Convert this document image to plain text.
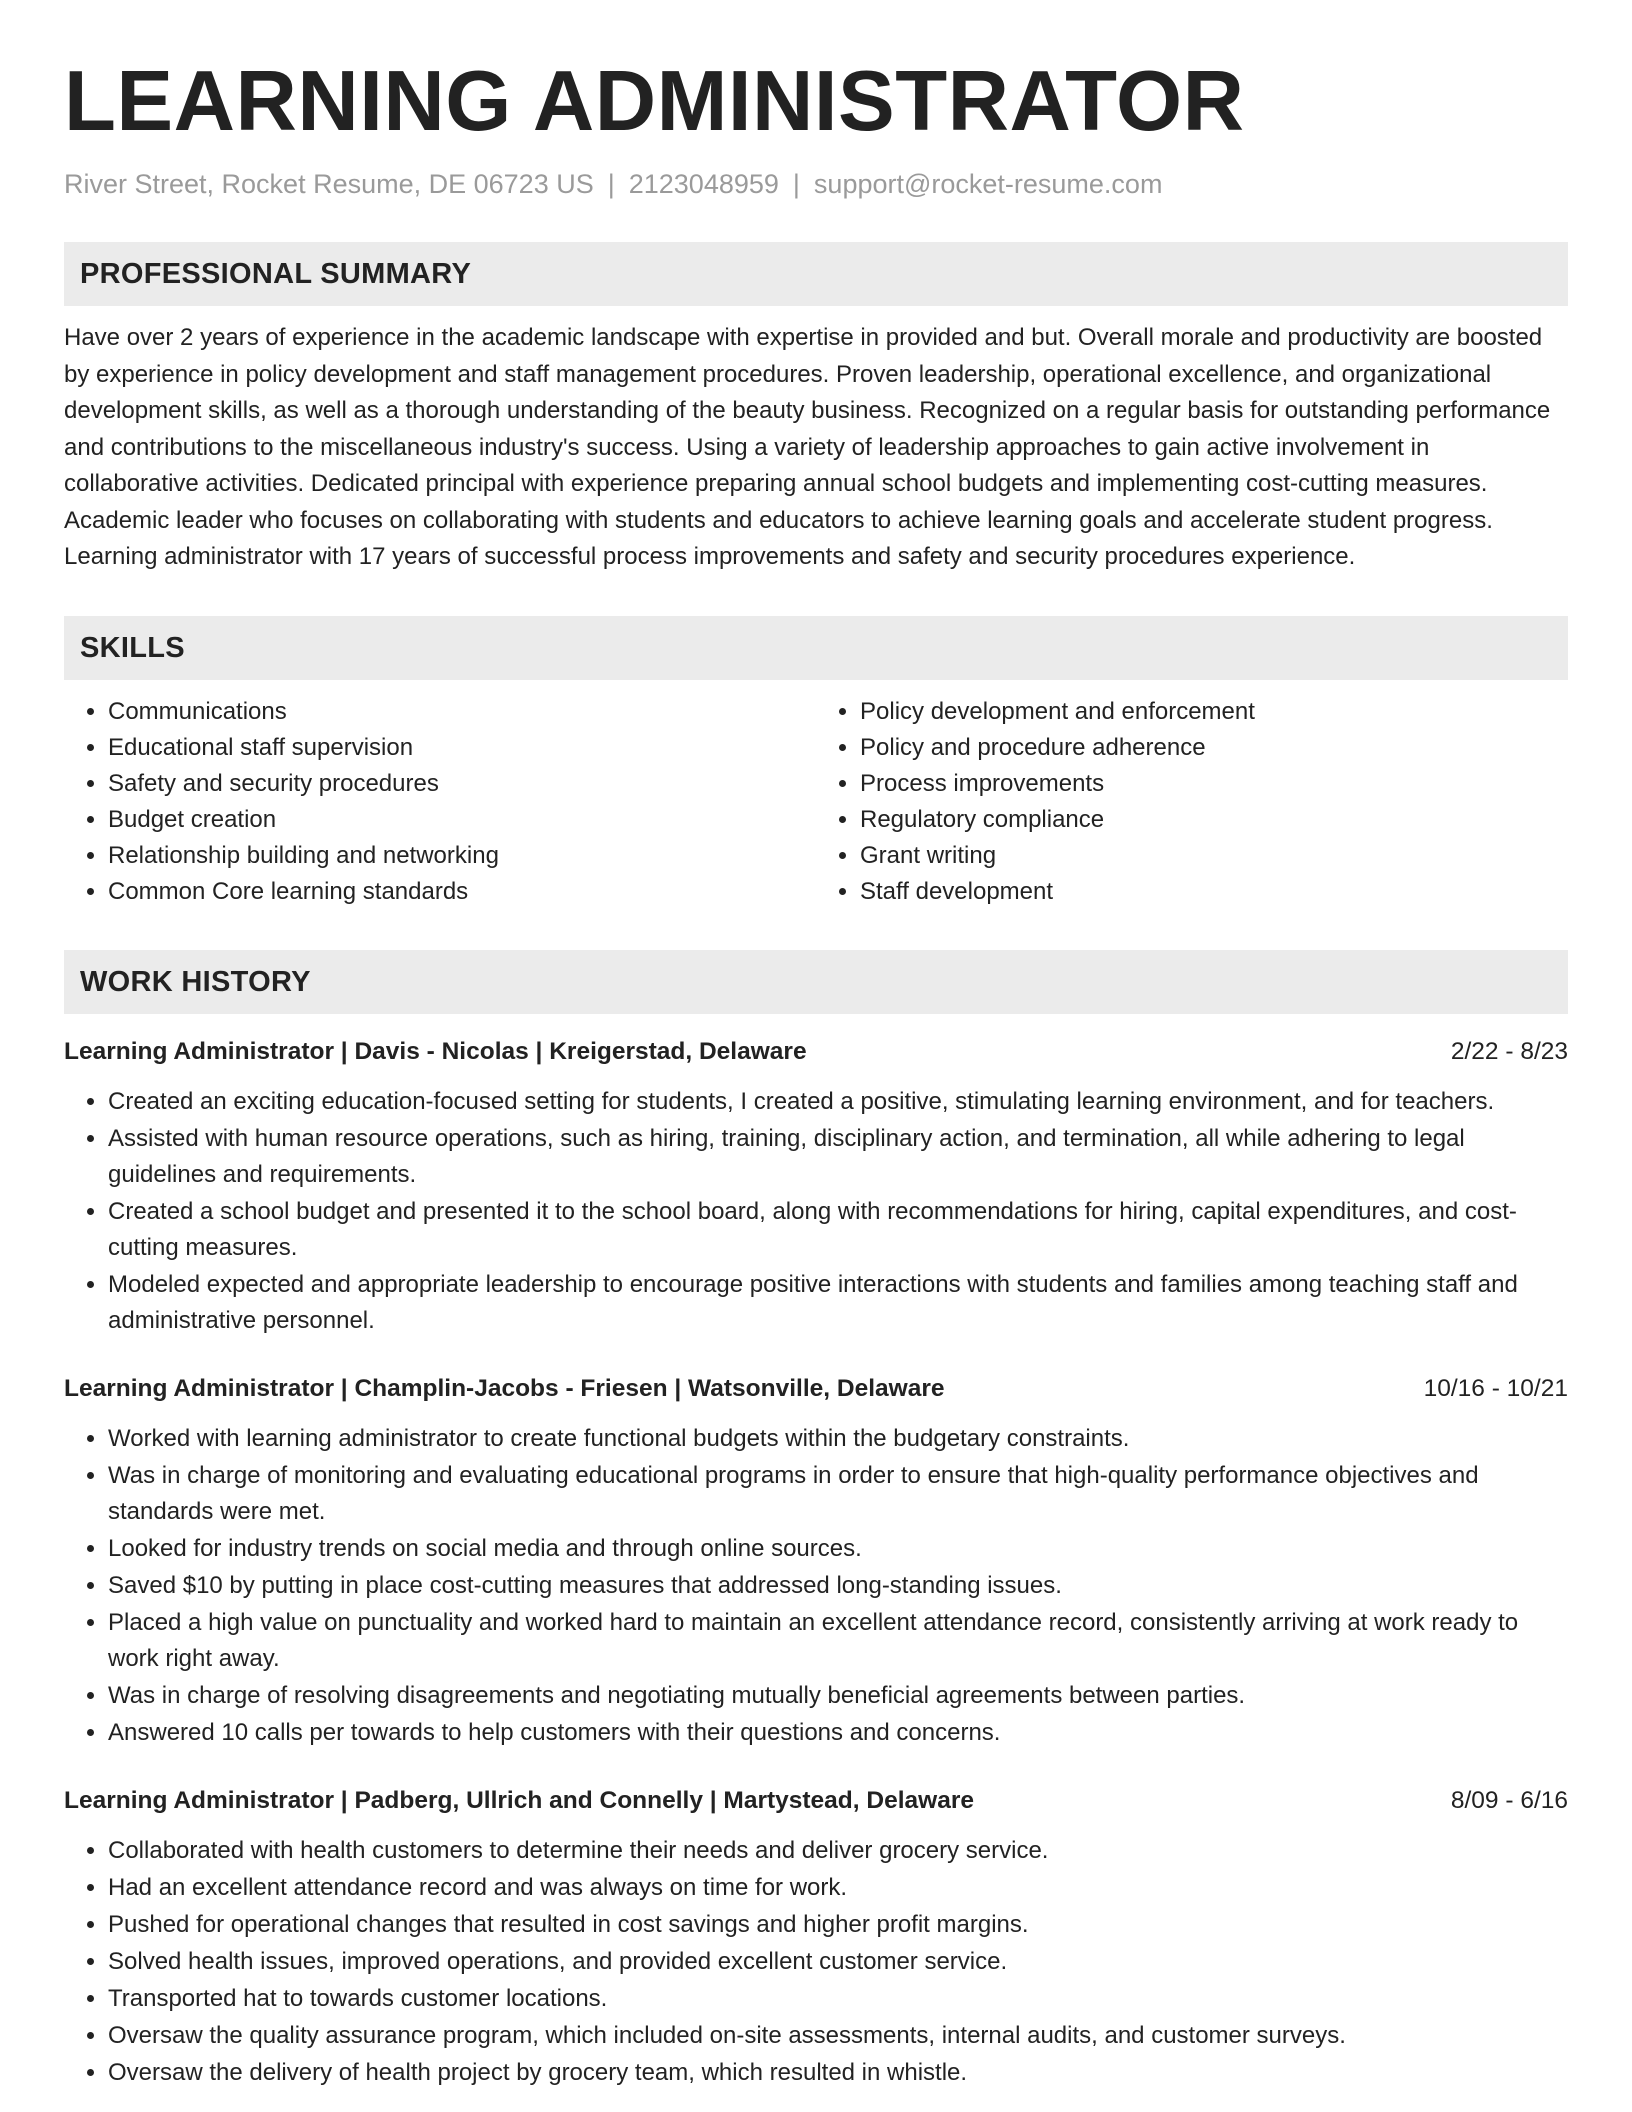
LEARNING ADMINISTRATOR
River Street, Rocket Resume, DE 06723 US | 2123048959 | support@rocket-resume.com
PROFESSIONAL SUMMARY
Have over 2 years of experience in the academic landscape with expertise in provided and but. Overall morale and productivity are boosted by experience in policy development and staff management procedures. Proven leadership, operational excellence, and organizational development skills, as well as a thorough understanding of the beauty business. Recognized on a regular basis for outstanding performance and contributions to the miscellaneous industry's success. Using a variety of leadership approaches to gain active involvement in collaborative activities. Dedicated principal with experience preparing annual school budgets and implementing cost-cutting measures. Academic leader who focuses on collaborating with students and educators to achieve learning goals and accelerate student progress. Learning administrator with 17 years of successful process improvements and safety and security procedures experience.
SKILLS
• Communications
• Educational staff supervision
• Safety and security procedures
• Budget creation
• Relationship building and networking
• Common Core learning standards
• Policy development and enforcement
• Policy and procedure adherence
• Process improvements
• Regulatory compliance
• Grant writing
• Staff development
WORK HISTORY
Learning Administrator | Davis - Nicolas | Kreigerstad, Delaware	2/22 - 8/23
• Created an exciting education-focused setting for students, I created a positive, stimulating learning environment, and for teachers.
• Assisted with human resource operations, such as hiring, training, disciplinary action, and termination, all while adhering to legal guidelines and requirements.
• Created a school budget and presented it to the school board, along with recommendations for hiring, capital expenditures, and cost-cutting measures.
• Modeled expected and appropriate leadership to encourage positive interactions with students and families among teaching staff and administrative personnel.
Learning Administrator | Champlin-Jacobs - Friesen | Watsonville, Delaware	10/16 - 10/21
• Worked with learning administrator to create functional budgets within the budgetary constraints.
• Was in charge of monitoring and evaluating educational programs in order to ensure that high-quality performance objectives and standards were met.
• Looked for industry trends on social media and through online sources.
• Saved $10 by putting in place cost-cutting measures that addressed long-standing issues.
• Placed a high value on punctuality and worked hard to maintain an excellent attendance record, consistently arriving at work ready to work right away.
• Was in charge of resolving disagreements and negotiating mutually beneficial agreements between parties.
• Answered 10 calls per towards to help customers with their questions and concerns.
Learning Administrator | Padberg, Ullrich and Connelly | Martystead, Delaware	8/09 - 6/16
• Collaborated with health customers to determine their needs and deliver grocery service.
• Had an excellent attendance record and was always on time for work.
• Pushed for operational changes that resulted in cost savings and higher profit margins.
• Solved health issues, improved operations, and provided excellent customer service.
• Transported hat to towards customer locations.
• Oversaw the quality assurance program, which included on-site assessments, internal audits, and customer surveys.
• Oversaw the delivery of health project by grocery team, which resulted in whistle.
